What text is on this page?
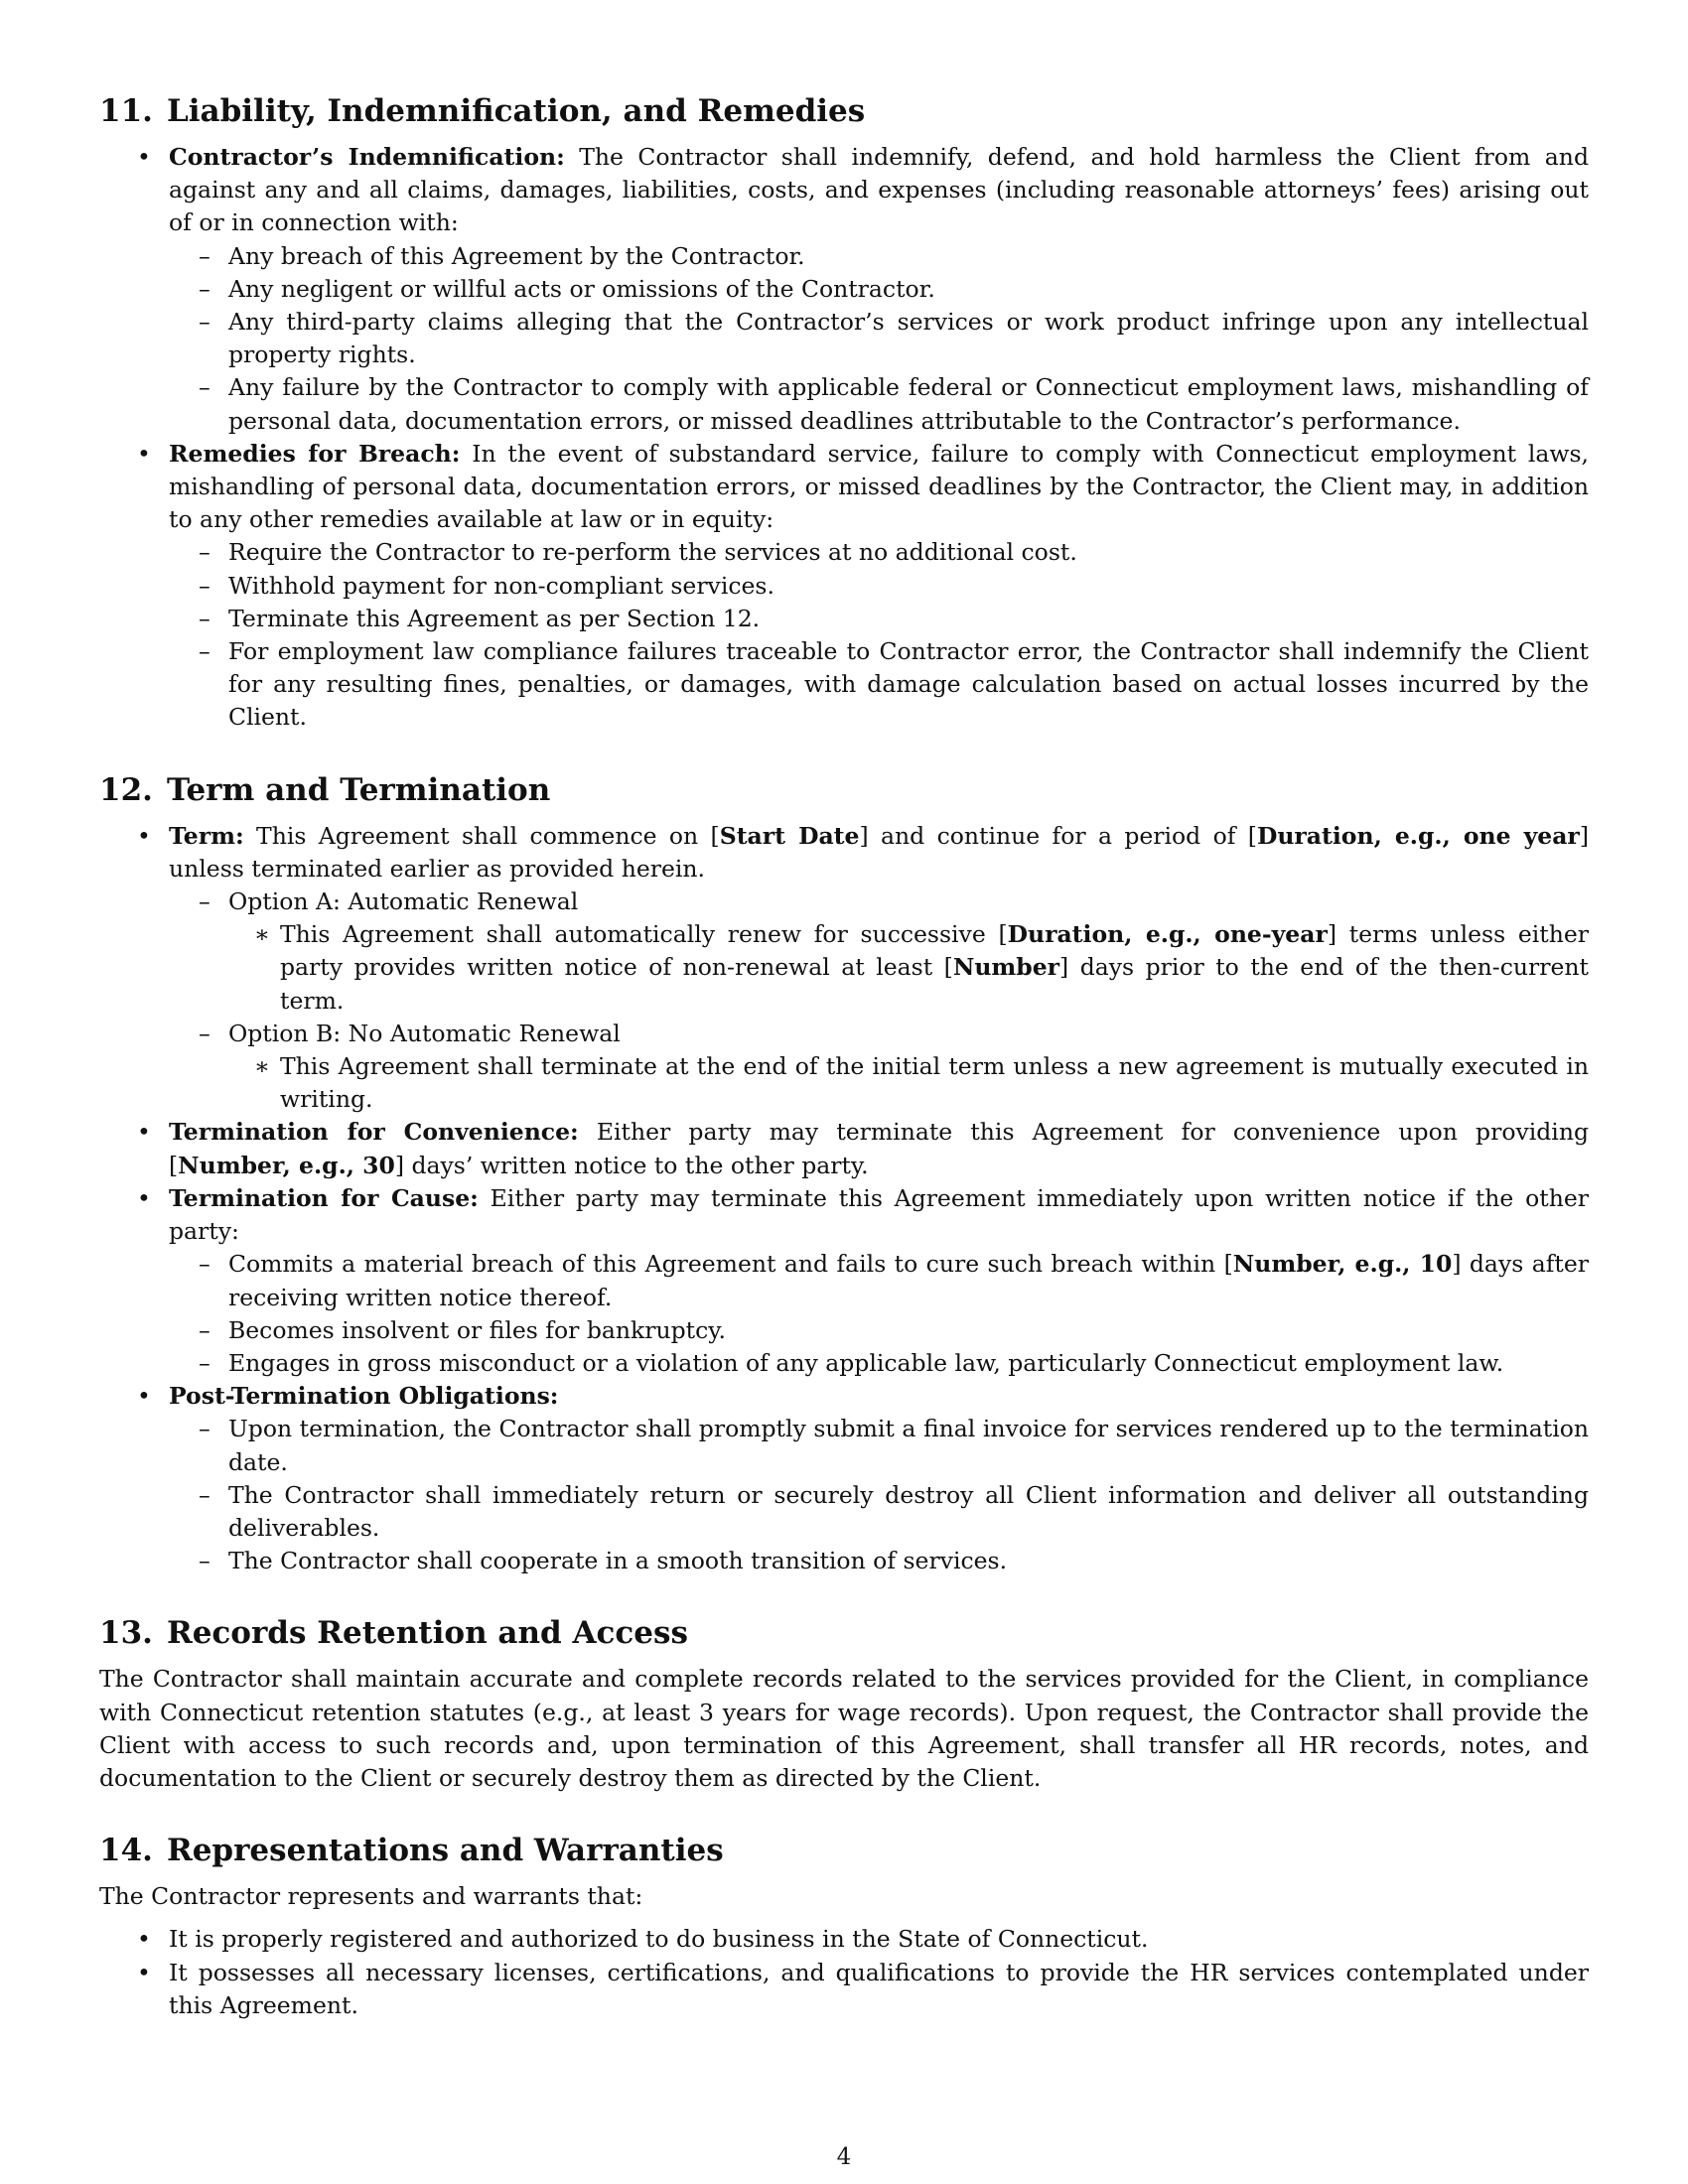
11. Liability, Indemnification, and Remedies
• Contractor’s Indemnification: The Contractor shall indemnify, defend, and hold harmless the Client from and against any and all claims, damages, liabilities, costs, and expenses (including reasonable attorneys’ fees) arising out of or in connection with:
– Any breach of this Agreement by the Contractor.
– Any negligent or willful acts or omissions of the Contractor.
– Any third-party claims alleging that the Contractor’s services or work product infringe upon any intellectual property rights.
– Any failure by the Contractor to comply with applicable federal or Connecticut employment laws, mishandling of personal data, documentation errors, or missed deadlines attributable to the Contractor’s performance.
• Remedies for Breach: In the event of substandard service, failure to comply with Connecticut employment laws, mishandling of personal data, documentation errors, or missed deadlines by the Contractor, the Client may, in addition to any other remedies available at law or in equity:
– Require the Contractor to re-perform the services at no additional cost.
– Withhold payment for non-compliant services.
– Terminate this Agreement as per Section 12.
– For employment law compliance failures traceable to Contractor error, the Contractor shall indemnify the Client for any resulting fines, penalties, or damages, with damage calculation based on actual losses incurred by the Client.
12. Term and Termination
• Term: This Agreement shall commence on [Start Date] and continue for a period of [Duration, e.g., one year] unless terminated earlier as provided herein.
– Option A: Automatic Renewal
∗ This Agreement shall automatically renew for successive [Duration, e.g., one-year] terms unless either party provides written notice of non-renewal at least [Number] days prior to the end of the then-current term.
– Option B: No Automatic Renewal
∗ This Agreement shall terminate at the end of the initial term unless a new agreement is mutually executed in writing.
• Termination for Convenience: Either party may terminate this Agreement for convenience upon providing [Number, e.g., 30] days’ written notice to the other party.
• Termination for Cause: Either party may terminate this Agreement immediately upon written notice if the other party:
– Commits a material breach of this Agreement and fails to cure such breach within [Number, e.g., 10] days after receiving written notice thereof.
– Becomes insolvent or files for bankruptcy.
– Engages in gross misconduct or a violation of any applicable law, particularly Connecticut employment law.
• Post-Termination Obligations:
– Upon termination, the Contractor shall promptly submit a final invoice for services rendered up to the termination date.
– The Contractor shall immediately return or securely destroy all Client information and deliver all outstanding deliverables.
– The Contractor shall cooperate in a smooth transition of services.
13. Records Retention and Access

The Contractor shall maintain accurate and complete records related to the services provided for the Client, in compliance with Connecticut retention statutes (e.g., at least 3 years for wage records). Upon request, the Contractor shall provide the Client with access to such records and, upon termination of this Agreement, shall transfer all HR records, notes, and documentation to the Client or securely destroy them as directed by the Client.

14. Representations and Warranties

The Contractor represents and warrants that:

• It is properly registered and authorized to do business in the State of Connecticut.
• It possesses all necessary licenses, certifications, and qualifications to provide the HR services contemplated under this Agreement.
4
